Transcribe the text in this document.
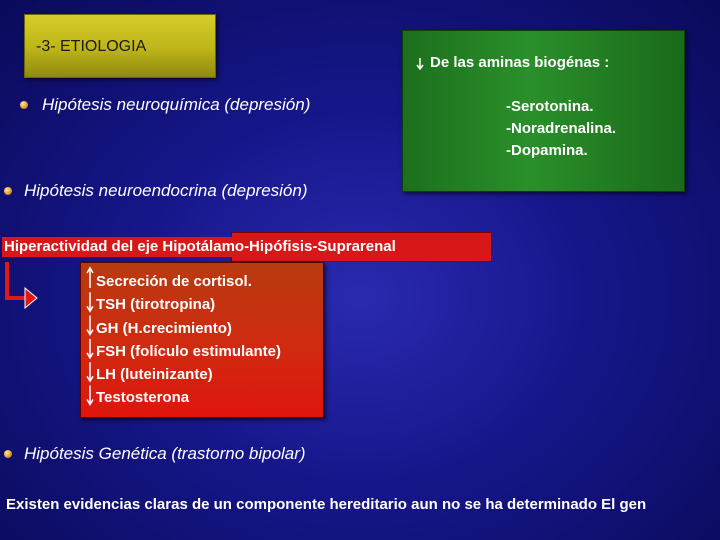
-3- ETIOLOGIA
De las aminas biogénas :
-Serotonina.
-Noradrenalina.
-Dopamina.
Hipótesis neuroquímica (depresión)
Hipótesis neuroendocrina (depresión)
Hiperactividad del eje Hipotálamo-Hipófisis-Suprarenal
Secreción de cortisol.
TSH (tirotropina)
GH (H.crecimiento)
FSH (folículo estimulante)
LH (luteinizante)
Testosterona
Hipótesis Genética (trastorno bipolar)
Existen evidencias claras de un componente hereditario aun no se ha determinado El gen
